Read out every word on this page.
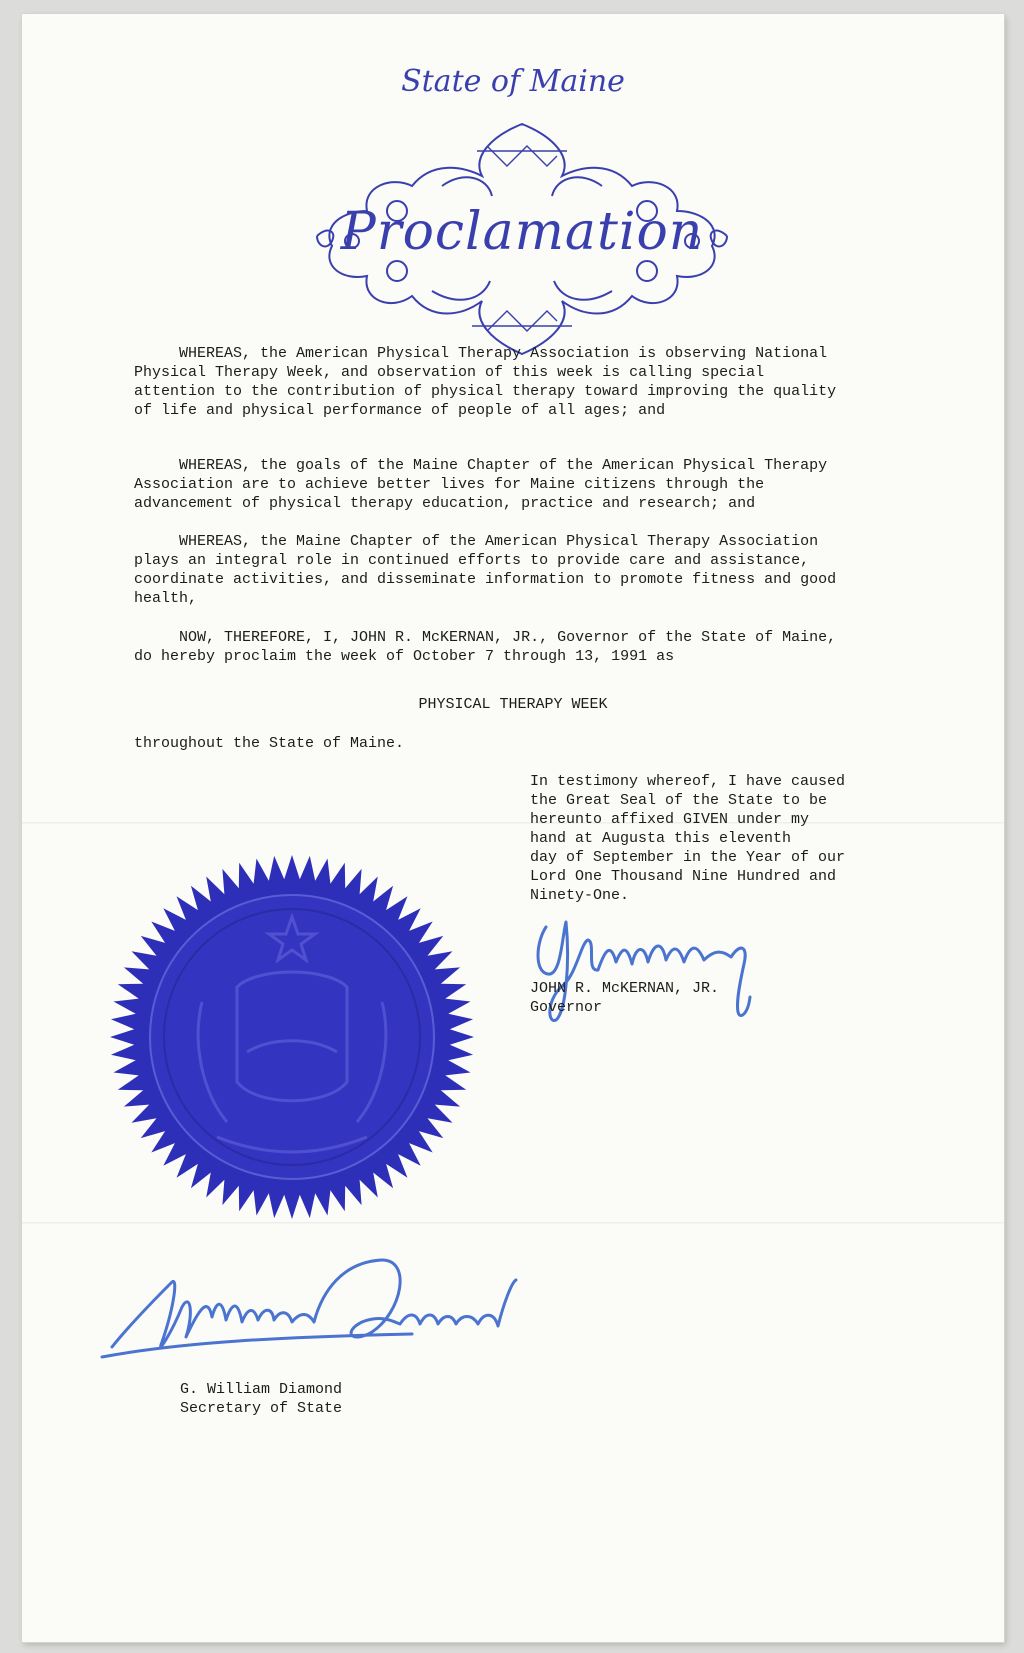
State of Maine
Proclamation

WHEREAS, the American Physical Therapy Association is observing National
Physical Therapy Week, and observation of this week is calling special
attention to the contribution of physical therapy toward improving the quality
of life and physical performance of people of all ages; and

WHEREAS, the goals of the Maine Chapter of the American Physical Therapy
Association are to achieve better lives for Maine citizens through the
advancement of physical therapy education, practice and research; and

WHEREAS, the Maine Chapter of the American Physical Therapy Association
plays an integral role in continued efforts to provide care and assistance,
coordinate activities, and disseminate information to promote fitness and good
health,

NOW, THEREFORE, I, JOHN R. McKERNAN, JR., Governor of the State of Maine,
do hereby proclaim the week of October 7 through 13, 1991 as

PHYSICAL THERAPY WEEK

throughout the State of Maine.

In testimony whereof, I have caused
the Great Seal of the State to be
hereunto affixed GIVEN under my
hand at Augusta this eleventh
day of September in the Year of our
Lord One Thousand Nine Hundred and
Ninety-One.

JOHN R. McKERNAN, JR.
Governor
G. William Diamond
Secretary of State
